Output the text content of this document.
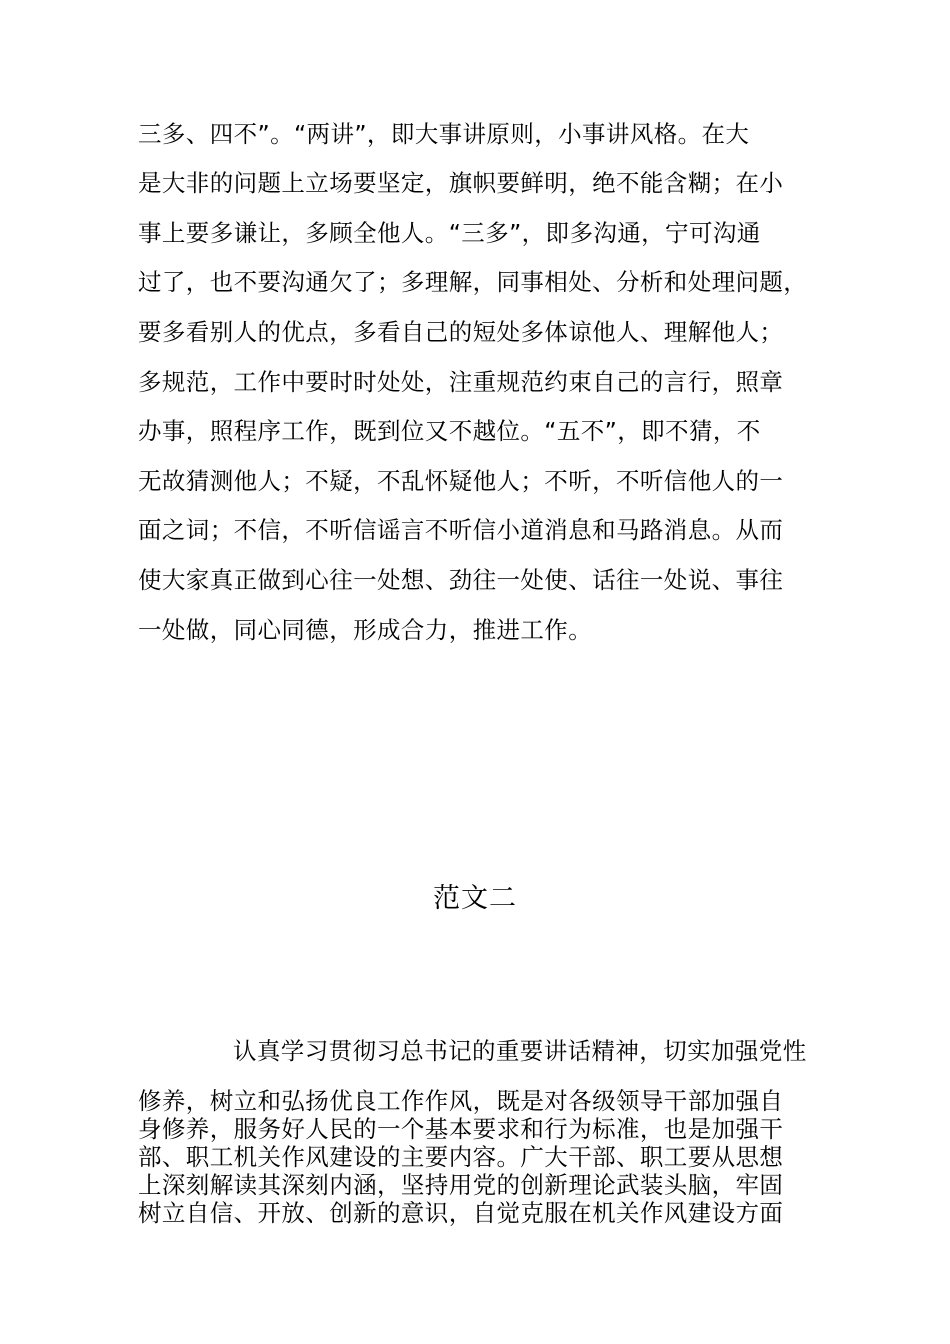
三多、四不”。“两讲”，即大事讲原则，小事讲风格。在大
是大非的问题上立场要坚定，旗帜要鲜明，绝不能含糊；在小
事上要多谦让，多顾全他人。“三多”，即多沟通，宁可沟通
过了，也不要沟通欠了；多理解，同事相处、分析和处理问题，
要多看别人的优点，多看自己的短处多体谅他人、理解他人；
多规范，工作中要时时处处，注重规范约束自己的言行，照章
办事，照程序工作，既到位又不越位。“五不”，即不猜，不
无故猜测他人；不疑，不乱怀疑他人；不听，不听信他人的一
面之词；不信，不听信谣言不听信小道消息和马路消息。从而
使大家真正做到心往一处想、劲往一处使、话往一处说、事往
一处做，同心同德，形成合力，推进工作。
范文二
认真学习贯彻习总书记的重要讲话精神，切实加强党性
修养，树立和弘扬优良工作作风，既是对各级领导干部加强自
身修养，服务好人民的一个基本要求和行为标准，也是加强干
部、职工机关作风建设的主要内容。广大干部、职工要从思想
上深刻解读其深刻内涵，坚持用党的创新理论武装头脑，牢固
树立自信、开放、创新的意识，自觉克服在机关作风建设方面
